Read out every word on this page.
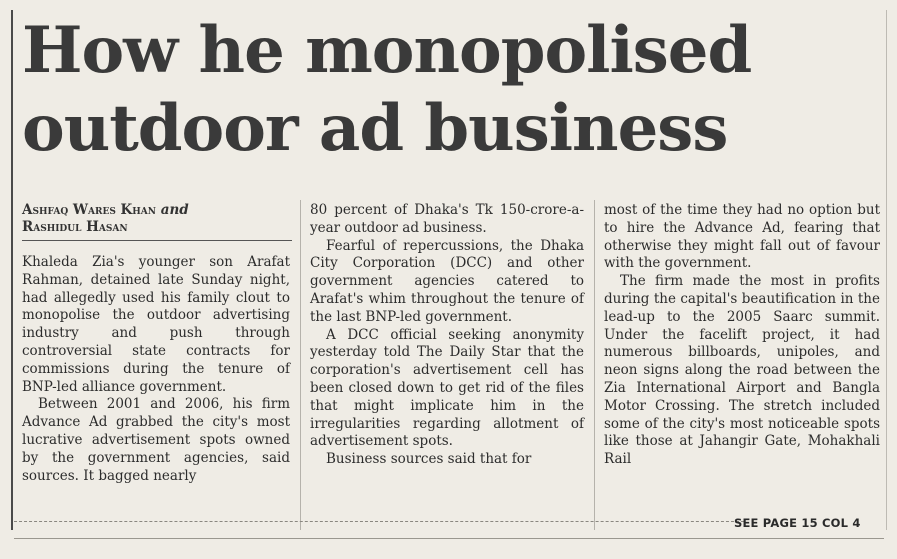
How he monopolised
outdoor ad business
Ashfaq Wares Khan and
Rashidul Hasan

Khaleda Zia's younger son Arafat Rahman, detained late Sunday night, had allegedly used his family clout to monopolise the outdoor advertising industry and push through controversial state contracts for commissions during the tenure of BNP-led alliance government.

Between 2001 and 2006, his firm Advance Ad grabbed the city's most lucrative advertisement spots owned by the government agencies, said sources. It bagged nearly

80 percent of Dhaka's Tk 150-crore-a-year outdoor ad business.

Fearful of repercussions, the Dhaka City Corporation (DCC) and other government agencies catered to Arafat's whim throughout the tenure of the last BNP-led government.

A DCC official seeking anonymity yesterday told The Daily Star that the corporation's advertisement cell has been closed down to get rid of the files that might implicate him in the irregularities regarding allotment of advertisement spots.

Business sources said that for

most of the time they had no option but to hire the Advance Ad, fearing that otherwise they might fall out of favour with the government.

The firm made the most in profits during the capital's beautification in the lead-up to the 2005 Saarc summit. Under the facelift project, it had numerous billboards, unipoles, and neon signs along the road between the Zia International Airport and Bangla Motor Crossing. The stretch included some of the city's most noticeable spots like those at Jahangir Gate, Mohakhali Rail

SEE PAGE 15 COL 4
